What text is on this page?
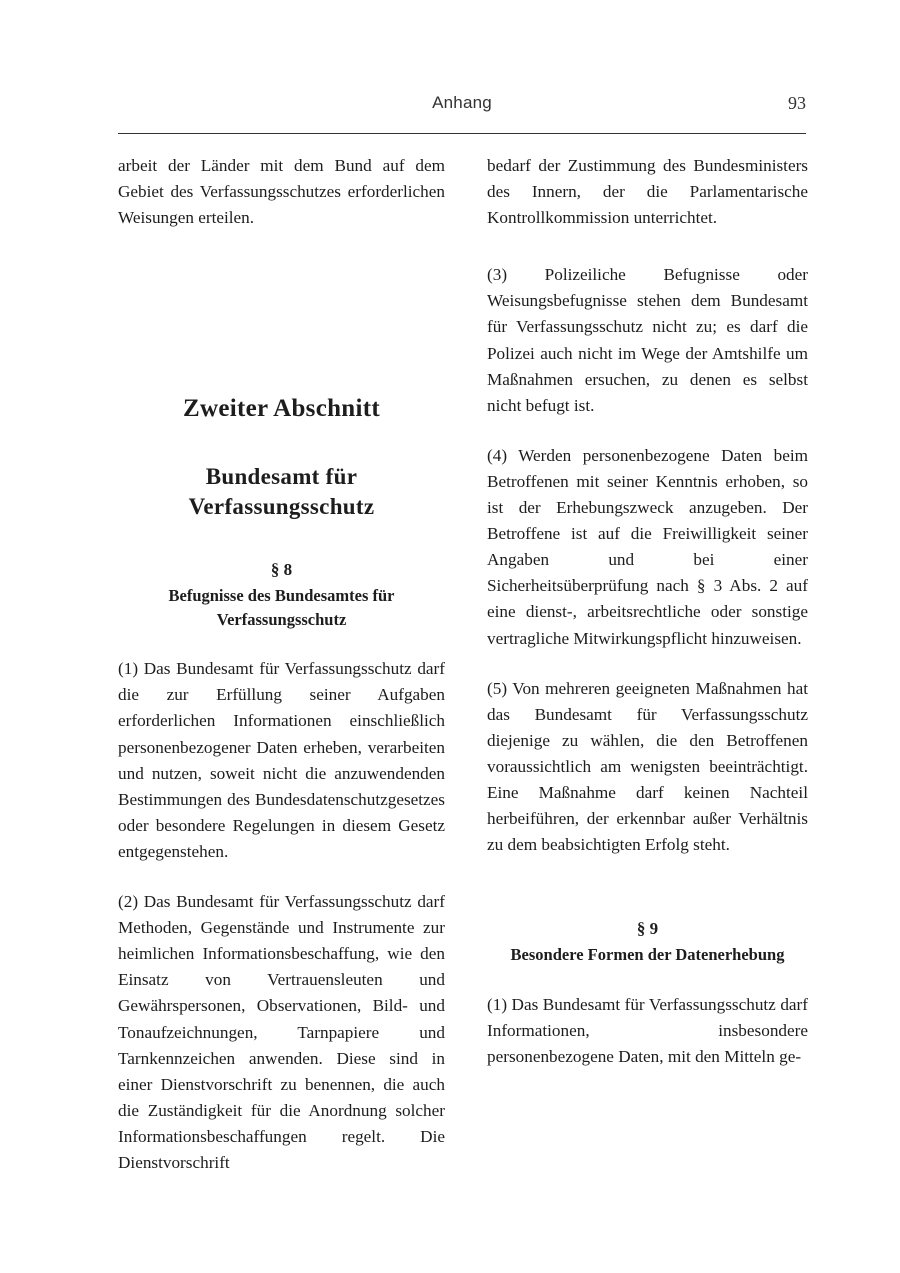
Anhang	93

arbeit der Länder mit dem Bund auf dem Gebiet des Verfassungsschutzes erforderlichen Weisungen erteilen.

Zweiter Abschnitt

Bundesamt für Verfassungsschutz

§ 8

Befugnisse des Bundesamtes für Verfassungsschutz

(1) Das Bundesamt für Verfassungsschutz darf die zur Erfüllung seiner Aufgaben erforderlichen Informationen einschließlich personenbezogener Daten erheben, verarbeiten und nutzen, soweit nicht die anzuwendenden Bestimmungen des Bundesdatenschutzgesetzes oder besondere Regelungen in diesem Gesetz entgegenstehen.

(2) Das Bundesamt für Verfassungsschutz darf Methoden, Gegenstände und Instrumente zur heimlichen Informationsbeschaffung, wie den Einsatz von Vertrauensleuten und Gewährspersonen, Observationen, Bild- und Tonaufzeichnungen, Tarnpapiere und Tarnkennzeichen anwenden. Diese sind in einer Dienstvorschrift zu benennen, die auch die Zuständigkeit für die Anordnung solcher Informationsbeschaffungen regelt. Die Dienstvorschrift

bedarf der Zustimmung des Bundesministers des Innern, der die Parlamentarische Kontrollkommission unterrichtet.

(3) Polizeiliche Befugnisse oder Weisungsbefugnisse stehen dem Bundesamt für Verfassungsschutz nicht zu; es darf die Polizei auch nicht im Wege der Amtshilfe um Maßnahmen ersuchen, zu denen es selbst nicht befugt ist.

(4) Werden personenbezogene Daten beim Betroffenen mit seiner Kenntnis erhoben, so ist der Erhebungszweck anzugeben. Der Betroffene ist auf die Freiwilligkeit seiner Angaben und bei einer Sicherheitsüberprüfung nach § 3 Abs. 2 auf eine dienst-, arbeitsrechtliche oder sonstige vertragliche Mitwirkungspflicht hinzuweisen.

(5) Von mehreren geeigneten Maßnahmen hat das Bundesamt für Verfassungsschutz diejenige zu wählen, die den Betroffenen voraussichtlich am wenigsten beeinträchtigt. Eine Maßnahme darf keinen Nachteil herbeiführen, der erkennbar außer Verhältnis zu dem beabsichtigten Erfolg steht.

§ 9

Besondere Formen der Datenerhebung

(1) Das Bundesamt für Verfassungsschutz darf Informationen, insbesondere personenbezogene Daten, mit den Mitteln ge-
